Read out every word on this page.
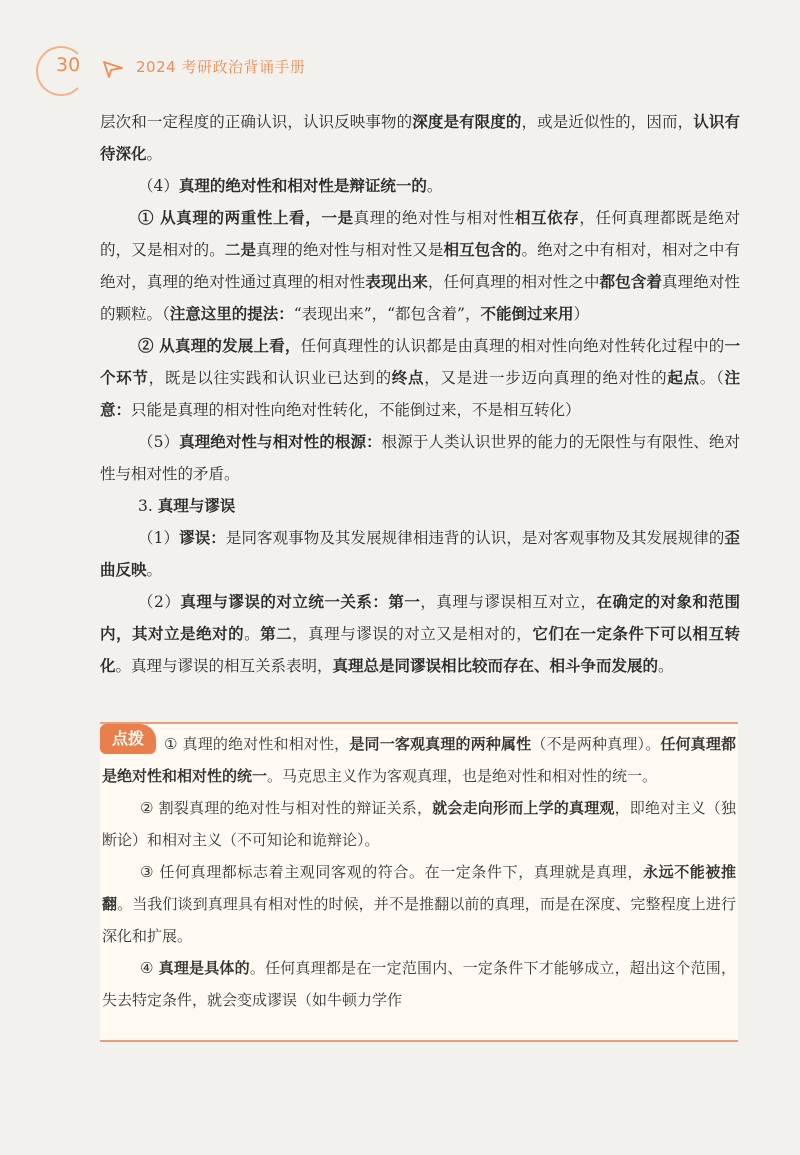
30	2024 考研政治背诵手册

层次和一定程度的正确认识，认识反映事物的深度是有限度的，或是近似性的，因而，认识有待深化。

（4）真理的绝对性和相对性是辩证统一的。

① 从真理的两重性上看，一是真理的绝对性与相对性相互依存，任何真理都既是绝对的，又是相对的。二是真理的绝对性与相对性又是相互包含的。绝对之中有相对，相对之中有绝对，真理的绝对性通过真理的相对性表现出来，任何真理的相对性之中都包含着真理绝对性的颗粒。（注意这里的提法：“表现出来”，“都包含着”，不能倒过来用）

② 从真理的发展上看，任何真理性的认识都是由真理的相对性向绝对性转化过程中的一个环节，既是以往实践和认识业已达到的终点，又是进一步迈向真理的绝对性的起点。（注意：只能是真理的相对性向绝对性转化，不能倒过来，不是相互转化）

（5）真理绝对性与相对性的根源：根源于人类认识世界的能力的无限性与有限性、绝对性与相对性的矛盾。

3. 真理与谬误

（1）谬误：是同客观事物及其发展规律相违背的认识，是对客观事物及其发展规律的歪曲反映。

（2）真理与谬误的对立统一关系：第一，真理与谬误相互对立，在确定的对象和范围内，其对立是绝对的。第二，真理与谬误的对立又是相对的，它们在一定条件下可以相互转化。真理与谬误的相互关系表明，真理总是同谬误相比较而存在、相斗争而发展的。

① 真理的绝对性和相对性，是同一客观真理的两种属性（不是两种真理）。任何真理都是绝对性和相对性的统一。马克思主义作为客观真理，也是绝对性和相对性的统一。

② 割裂真理的绝对性与相对性的辩证关系，就会走向形而上学的真理观，即绝对主义（独断论）和相对主义（不可知论和诡辩论）。

③ 任何真理都标志着主观同客观的符合。在一定条件下，真理就是真理，永远不能被推翻。当我们谈到真理具有相对性的时候，并不是推翻以前的真理，而是在深度、完整程度上进行深化和扩展。

④ 真理是具体的。任何真理都是在一定范围内、一定条件下才能够成立，超出这个范围，失去特定条件，就会变成谬误（如牛顿力学作

点拨
